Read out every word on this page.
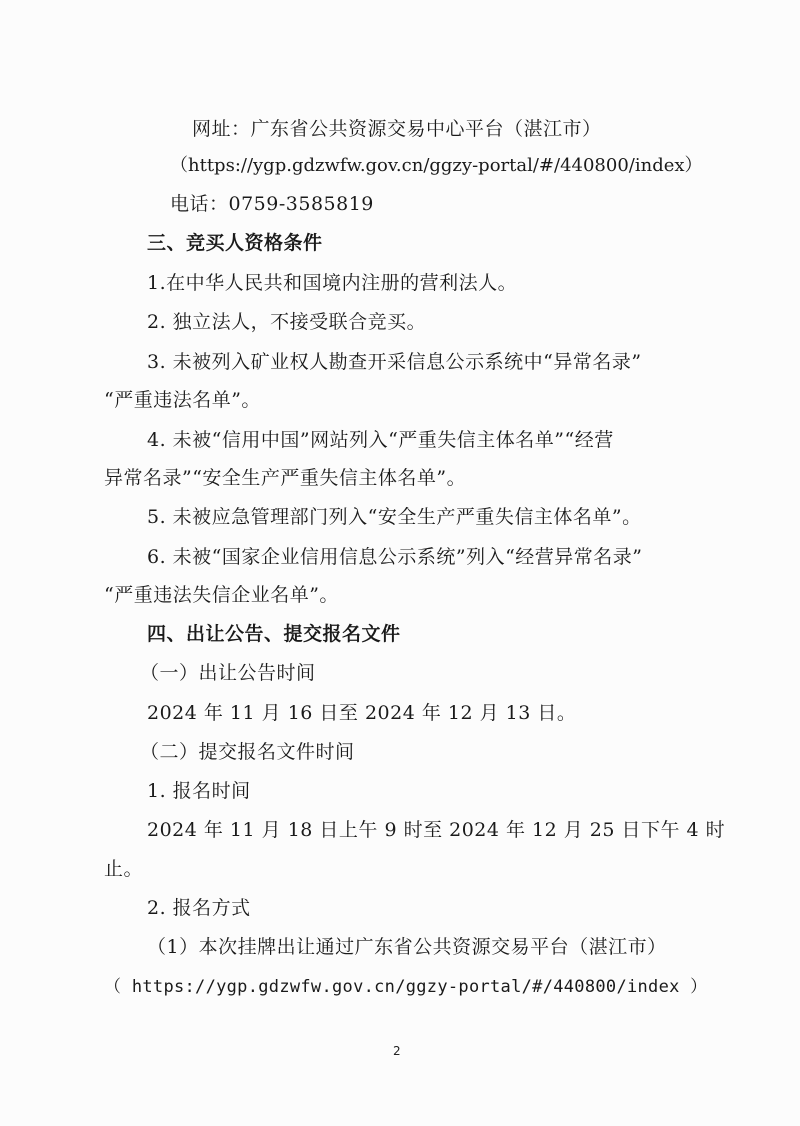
网址：广东省公共资源交易中心平台（湛江市）
（https://ygp.gdzwfw.gov.cn/ggzy-portal/#/440800/index）
电话：0759-3585819
三、竞买人资格条件
1.在中华人民共和国境内注册的营利法人。
2. 独立法人，不接受联合竞买。
3. 未被列入矿业权人勘查开采信息公示系统中“异常名录”
“严重违法名单”。
4. 未被“信用中国”网站列入“严重失信主体名单”“经营
异常名录”“安全生产严重失信主体名单”。
5. 未被应急管理部门列入“安全生产严重失信主体名单”。
6. 未被“国家企业信用信息公示系统”列入“经营异常名录”
“严重违法失信企业名单”。
四、出让公告、提交报名文件
（一）出让公告时间
2024 年 11 月 16 日至 2024 年 12 月 13 日。
（二）提交报名文件时间
1. 报名时间
2024 年 11 月 18 日上午 9 时至 2024 年 12 月 25 日下午 4 时
止。
2. 报名方式
（1）本次挂牌出让通过广东省公共资源交易平台（湛江市）
（ https://ygp.gdzwfw.gov.cn/ggzy-portal/#/440800/index ）
2
